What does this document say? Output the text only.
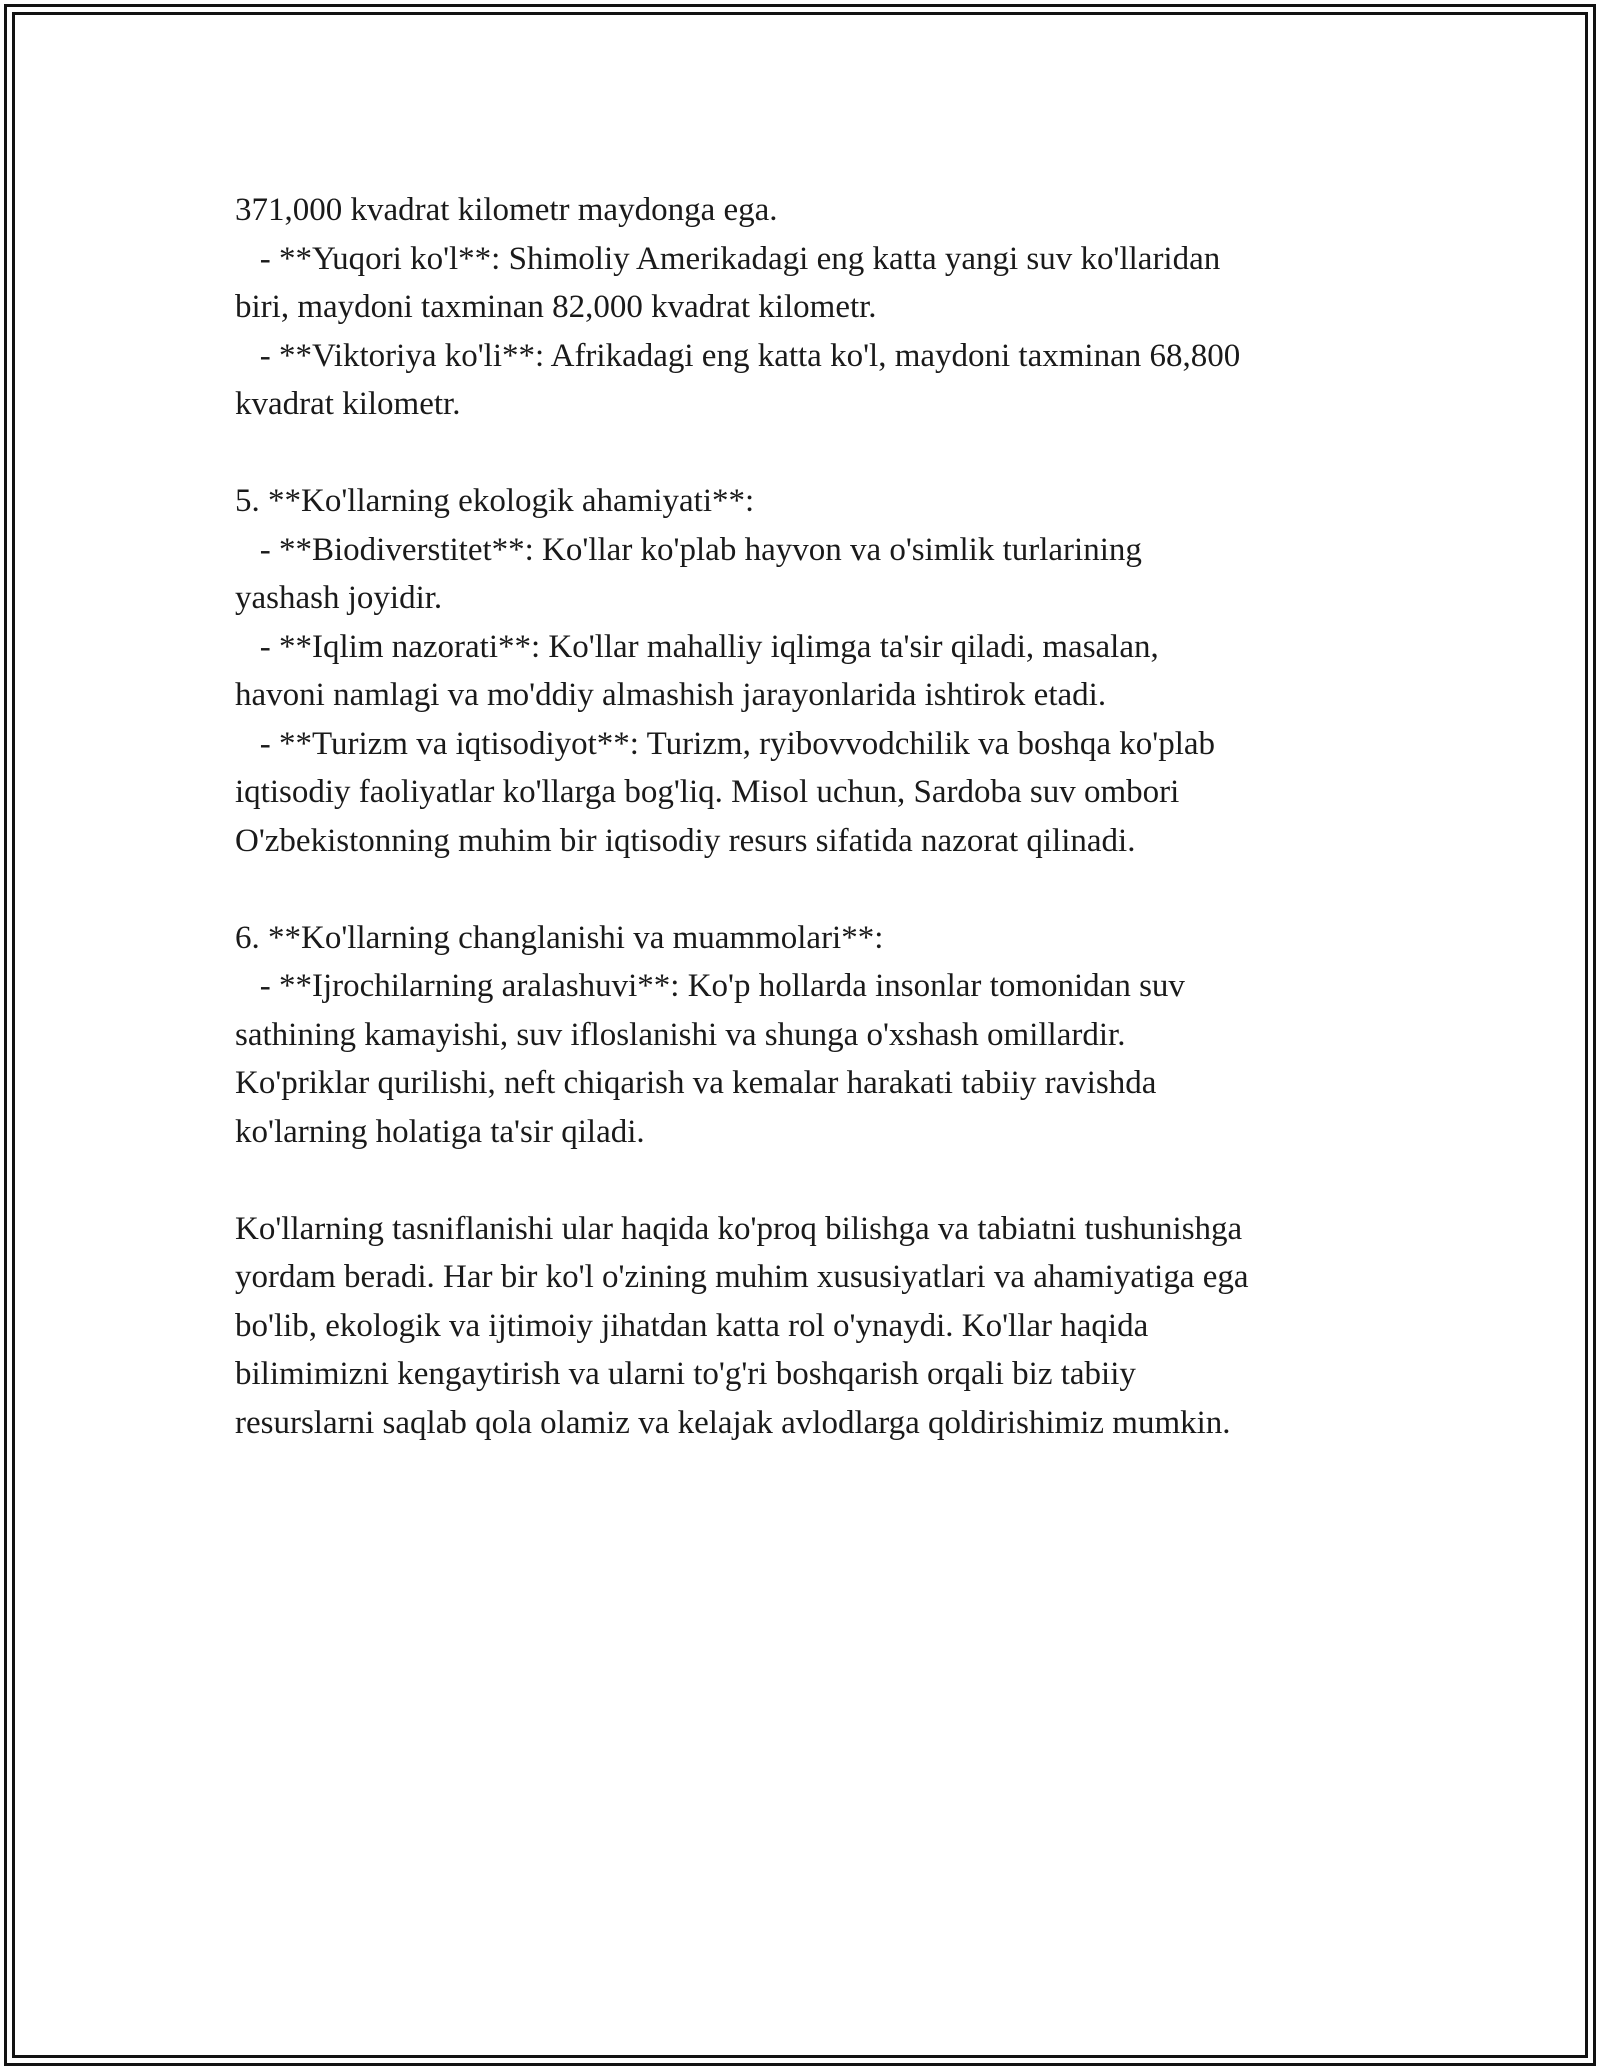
371,000 kvadrat kilometr maydonga ega.
- **Yuqori ko'l**: Shimoliy Amerikadagi eng katta yangi suv ko'llaridan
biri, maydoni taxminan 82,000 kvadrat kilometr.
- **Viktoriya ko'li**: Afrikadagi eng katta ko'l, maydoni taxminan 68,800
kvadrat kilometr.
5. **Ko'llarning ekologik ahamiyati**:
- **Biodiverstitet**: Ko'llar ko'plab hayvon va o'simlik turlarining
yashash joyidir.
- **Iqlim nazorati**: Ko'llar mahalliy iqlimga ta'sir qiladi, masalan,
havoni namlagi va mo'ddiy almashish jarayonlarida ishtirok etadi.
- **Turizm va iqtisodiyot**: Turizm, ryibovvodchilik va boshqa ko'plab
iqtisodiy faoliyatlar ko'llarga bog'liq. Misol uchun, Sardoba suv ombori
O'zbekistonning muhim bir iqtisodiy resurs sifatida nazorat qilinadi.
6. **Ko'llarning changlanishi va muammolari**:
- **Ijrochilarning aralashuvi**: Ko'p hollarda insonlar tomonidan suv
sathining kamayishi, suv ifloslanishi va shunga o'xshash omillardir.
Ko'priklar qurilishi, neft chiqarish va kemalar harakati tabiiy ravishda
ko'larning holatiga ta'sir qiladi.
Ko'llarning tasniflanishi ular haqida ko'proq bilishga va tabiatni tushunishga
yordam beradi. Har bir ko'l o'zining muhim xususiyatlari va ahamiyatiga ega
bo'lib, ekologik va ijtimoiy jihatdan katta rol o'ynaydi. Ko'llar haqida
bilimimizni kengaytirish va ularni to'g'ri boshqarish orqali biz tabiiy
resurslarni saqlab qola olamiz va kelajak avlodlarga qoldirishimiz mumkin.
